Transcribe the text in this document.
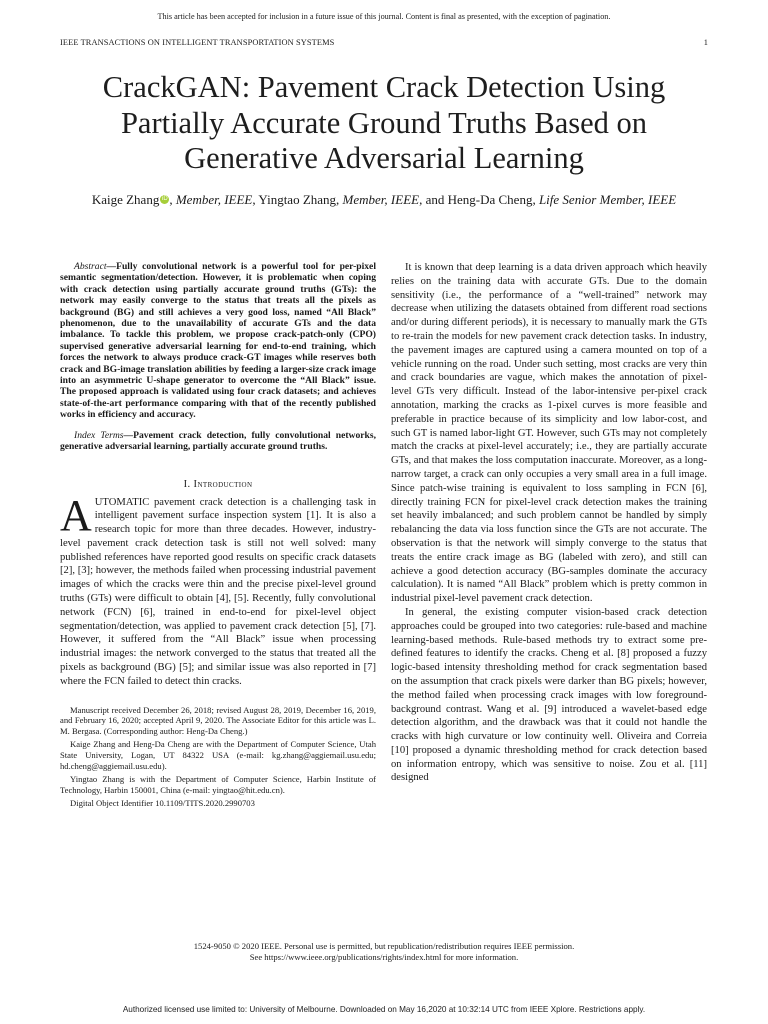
This article has been accepted for inclusion in a future issue of this journal. Content is final as presented, with the exception of pagination.
IEEE TRANSACTIONS ON INTELLIGENT TRANSPORTATION SYSTEMS	1
CrackGAN: Pavement Crack Detection Using Partially Accurate Ground Truths Based on Generative Adversarial Learning
Kaige Zhang iD , Member, IEEE, Yingtao Zhang, Member, IEEE, and Heng-Da Cheng, Life Senior Member, IEEE

Abstract—Fully convolutional network is a powerful tool for per-pixel semantic segmentation/detection. However, it is problematic when coping with crack detection using partially accurate ground truths (GTs): the network may easily converge to the status that treats all the pixels as background (BG) and still achieves a very good loss, named “All Black” phenomenon, due to the unavailability of accurate GTs and the data imbalance. To tackle this problem, we propose crack-patch-only (CPO) supervised generative adversarial learning for end-to-end training, which forces the network to always produce crack-GT images while reserves both crack and BG-image translation abilities by feeding a larger-size crack image into an asymmetric U-shape generator to overcome the “All Black” issue. The proposed approach is validated using four crack datasets; and achieves state-of-the-art performance comparing with that of the recently published works in efficiency and accuracy.

Index Terms—Pavement crack detection, fully convolutional networks, generative adversarial learning, partially accurate ground truths.

I. Introduction

AUTOMATIC pavement crack detection is a challenging task in intelligent pavement surface inspection system [1]. It is also a research topic for more than three decades. However, industry-level pavement crack detection task is still not well solved: many published references have reported good results on specific crack datasets [2], [3]; however, the methods failed when processing industrial pavement images of which the cracks were thin and the precise pixel-level ground truths (GTs) were difficult to obtain [4], [5]. Recently, fully convolutional network (FCN) [6], trained in end-to-end for pixel-level object segmentation/detection, was applied to pavement crack detection [5], [7]. However, it suffered from the “All Black” issue when processing industrial images: the network converged to the status that treated all the pixels as background (BG) [5]; and similar issue was also reported in [7] where the FCN failed to detect thin cracks.

Manuscript received December 26, 2018; revised August 28, 2019, December 16, 2019, and February 16, 2020; accepted April 9, 2020. The Associate Editor for this article was L. M. Bergasa. (Corresponding author: Heng-Da Cheng.)

Kaige Zhang and Heng-Da Cheng are with the Department of Computer Science, Utah State University, Logan, UT 84322 USA (e-mail: kg.zhang@aggiemail.usu.edu; hd.cheng@aggiemail.usu.edu).

Yingtao Zhang is with the Department of Computer Science, Harbin Institute of Technology, Harbin 150001, China (e-mail: yingtao@hit.edu.cn).

Digital Object Identifier 10.1109/TITS.2020.2990703

It is known that deep learning is a data driven approach which heavily relies on the training data with accurate GTs. Due to the domain sensitivity (i.e., the performance of a “well-trained” network may decrease when utilizing the datasets obtained from different road sections and/or during different periods), it is necessary to manually mark the GTs to re-train the models for new pavement crack detection tasks. In industry, the pavement images are captured using a camera mounted on top of a vehicle running on the road. Under such setting, most cracks are very thin and crack boundaries are vague, which makes the annotation of pixel-level GTs very difficult. Instead of the labor-intensive per-pixel crack annotation, marking the cracks as 1-pixel curves is more feasible and preferable in practice because of its simplicity and low labor-cost, and such GT is named labor-light GT. However, such GTs may not completely match the cracks at pixel-level accurately; i.e., they are partially accurate GTs, and that makes the loss computation inaccurate. Moreover, as a long-narrow target, a crack can only occupies a very small area in a full image. Since patch-wise training is equivalent to loss sampling in FCN [6], directly training FCN for pixel-level crack detection makes the training set heavily imbalanced; and such problem cannot be handled by simply rebalancing the data via loss function since the GTs are not accurate. The observation is that the network will simply converge to the status that treats the entire crack image as BG (labeled with zero), and still can achieve a good detection accuracy (BG-samples dominate the accuracy calculation). It is named “All Black” problem which is pretty common in industrial pixel-level pavement crack detection.

In general, the existing computer vision-based crack detection approaches could be grouped into two categories: rule-based and machine learning-based methods. Rule-based methods try to extract some pre-defined features to identify the cracks. Cheng et al. [8] proposed a fuzzy logic-based intensity thresholding method for crack segmentation based on the assumption that crack pixels were darker than BG pixels; however, the method failed when processing crack images with low foreground-background contrast. Wang et al. [9] introduced a wavelet-based edge detection algorithm, and the drawback was that it could not handle the cracks with high curvature or low continuity well. Oliveira and Correia [10] proposed a dynamic thresholding method for crack detection based on information entropy, which was sensitive to noise. Zou et al. [11] designed

1524-9050 © 2020 IEEE. Personal use is permitted, but republication/redistribution requires IEEE permission.
See https://www.ieee.org/publications/rights/index.html for more information.
Authorized licensed use limited to: University of Melbourne. Downloaded on May 16,2020 at 10:32:14 UTC from IEEE Xplore. Restrictions apply.
